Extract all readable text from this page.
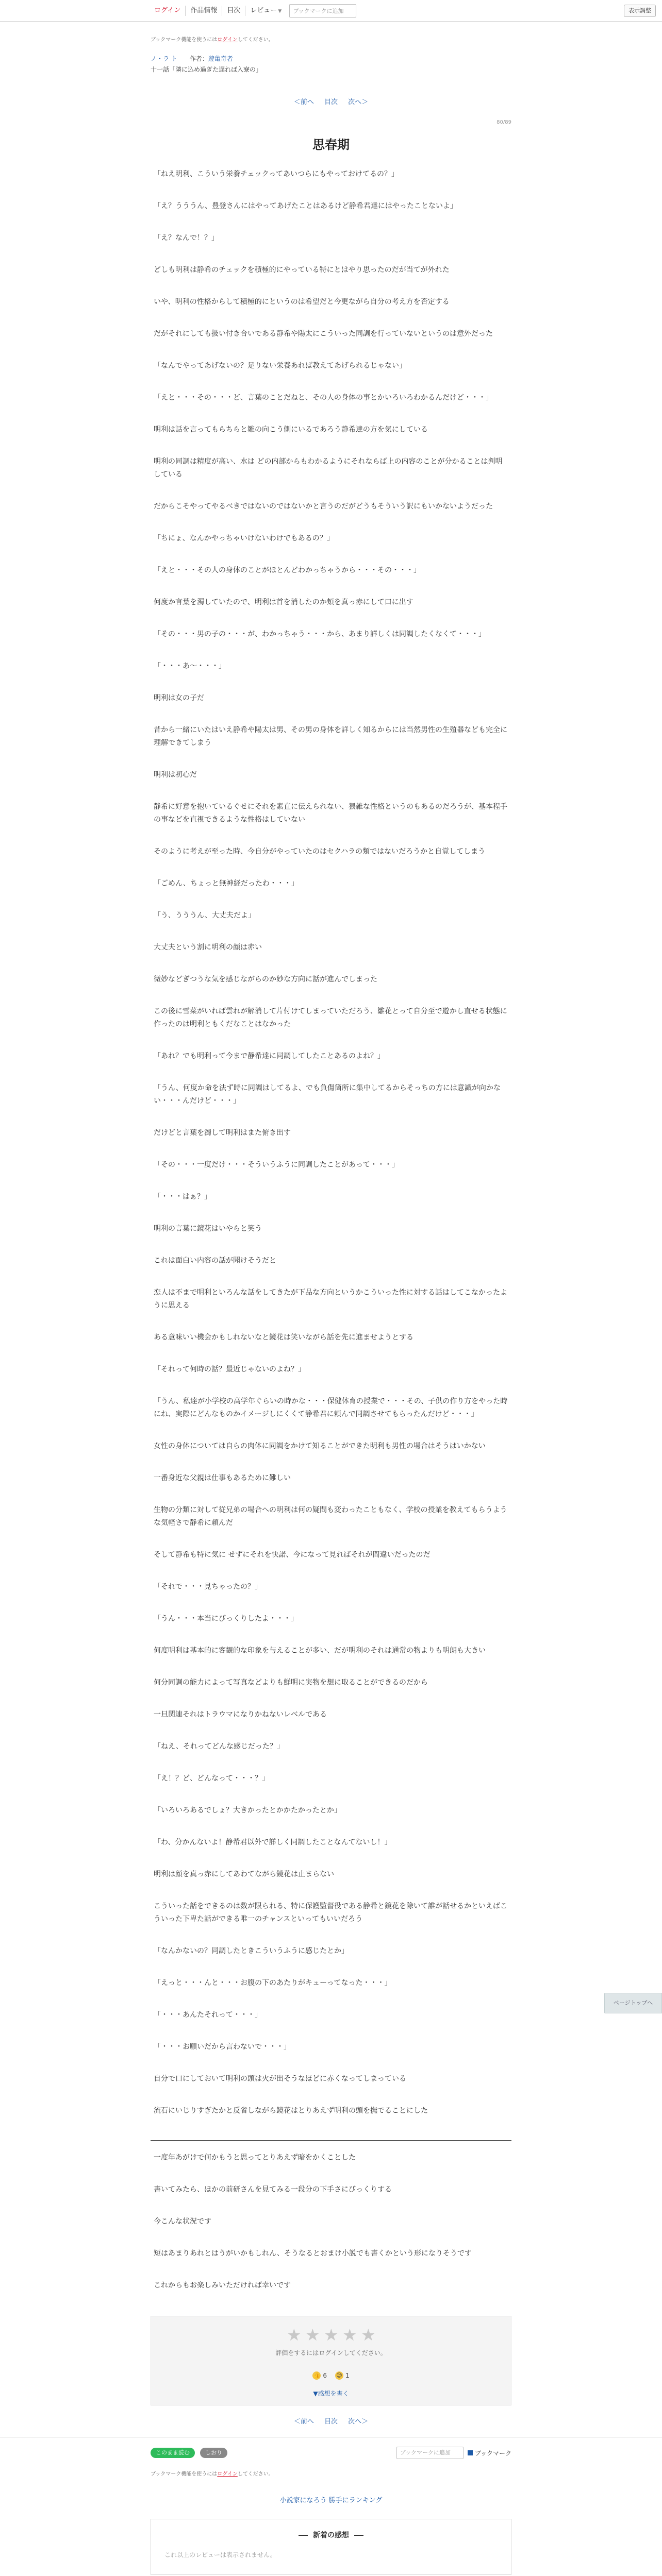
ログイン	作品情報	目次	レビュー ▼	ブックマークに追加	表示調整
ブックマーク機能を使うにはログインしてください。
ノ・ラ ト　 作者：遊亀奇者
十一話「隣に込め過ぎた遅れば入寮の」
＜前へ 目次 次へ＞
80/89
思春期

「ねえ明利、こういう栄養チェックってあいつらにもやっておけてるの？」

「え？うううん、豊登さんにはやってあげたことはあるけど静希君達にはやったことないよ」

「え？なんで！？」

どしも明利は静希のチェックを積極的にやっている特にとはやり思ったのだが当てが外れた

いや、明利の性格からして積極的にというのは希望だと今更ながら自分の考え方を否定する

だがそれにしても扱い付き合いである静希や陽太にこういった同調を行っていないというのは意外だった

「なんでやってあげないの？足りない栄養あれば教えてあげられるじゃない」

「えと・・・その・・・ど、言葉のことだねと、その人の身体の事とかいろいろわかるんだけど・・・」

明利は話を言ってもらちらと雛の向こう側にいるであろう静希達の方を気にしている

明利の同調は精度が高い、水は どの内部からもわかるようにそれならば上の内容のことが分かることは判明している

だからこそやってやるべきではないのではないかと言うのだがどうもそういう訳にもいかないようだった

「ちにょ、なんかやっちゃいけないわけでもあるの？」

「えと・・・その人の身体のことがほとんどわかっちゃうから・・・その・・・」

何度か言葉を濁していたので、明利は首を消したのか頬を真っ赤にして口に出す

「その・・・男の子の・・・が、わかっちゃう・・・から、あまり詳しくは同調したくなくて・・・」

「・・・あ～・・・」

明利は女の子だ

昔から一緒にいたはいえ静希や陽太は男、その男の身体を詳しく知るからには当然男性の生殖器なども完全に理解できてしまう

明利は初心だ

静希に好意を抱いているぐせにそれを素直に伝えられない、猥雑な性格というのもあるのだろうが、基本程手の事などを直視できるような性格はしていない

そのように考えが至った時、今自分がやっていたのはセクハラの類ではないだろうかと自覚してしまう

「ごめん、ちょっと無神経だったわ・・・」

「う、うううん、大丈夫だよ」

大丈夫という割に明利の顔は赤い

微妙などぎつうな気を感じながらのか妙な方向に話が進んでしまった

この後に雪菜がいれば雲れが解消して片付けてしまっていただろう、雛花とって自分至で遊かし直せる状態に作ったのは明利ともくだなことはなかった

「あれ？でも明利って今まで静希達に同調してしたことあるのよね？」

「うん、何度か命を法ず時に同調はしてるよ、でも負傷箇所に集中してるからそっちの方には意識が向かない・・・んだけど・・・」

だけどと言葉を濁して明利はまた俯き出す

「その・・・一度だけ・・・そういうふうに同調したことがあって・・・」

「・・・はぁ？」

明利の言葉に鏡花はいやらと笑う

これは面白い内容の話が聞けそうだと

恋人は不まで明利といろんな話をしてきたが下品な方向というかこういった性に対する話はしてこなかったように思える

ある意味いい機会かもしれないなと鏡花は笑いながら話を先に進ませようとする

「それって何時の話？最近じゃないのよね？」

「うん、私達が小学校の高学年ぐらいの時かな・・・保健体育の授業で・・・その、子供の作り方をやった時にね、実際にどんなものかイメージしにくくて静希君に頼んで同調させてもらったんだけど・・・」

女性の身体については自らの肉体に同調をかけて知ることができた明利も男性の場合はそうはいかない

一番身近な父親は仕事もあるために難しい

生物の分類に対して従兄弟の場合への明利は何の疑問も変わったこともなく、学校の授業を教えてもらうような気軽さで静希に頼んだ

そして静希も特に気に せずにそれを快諾、今になって見ればそれが間違いだったのだ

「それで・・・見ちゃったの？」

「うん・・・本当にびっくりしたよ・・・」

何度明利は基本的に客観的な印象を与えることが多い、だが明利のそれは通常の物よりも明朗も大きい

何分同調の能力によって写真などよりも鮮明に実物を想に取ることができるのだから

一旦関連それはトラウマになりかねないレベルである

「ねえ、それってどんな感じだった？」

「え！？ど、どんなって・・・？」

「いろいろあるでしょ？大きかったとかかたかったとか」

「わ、分かんないよ！静希君以外で詳しく同調したことなんてないし！」

明利は顔を真っ赤にしてあわてながら鏡花は止まらない

こういった話をできるのは数が限られる、特に保護監督役である静希と鏡花を除いて誰が話せるかといえばこういった下卑た話ができる唯一のチャンスといってもいいだろう

「なんかないの？同調したときこういうふうに感じたとか」

「えっと・・・んと・・・お腹の下のあたりがキューってなった・・・」

「・・・あんたそれって・・・」

「・・・お願いだから言わないで・・・」

自分で口にしておいて明利の頭は火が出そうなほどに赤くなってしまっている

流石にいじりすぎたかと反省しながら鏡花はとりあえず明利の頭を撫でることにした

一度年あがけで何かもうと思ってとりあえず暗をかくことした

書いてみたら、ほかの前研さんを見てみる一段分の下手さにびっくりする

今こんな状況です

短はあまりあれとはうがいかもしれん、そうなるとおまけ小説でも書くかという形になりそうです

これからもお楽しみいただければ幸いです

★ ★ ★ ★ ★
評価をするにはログインしてください。
👍 6 😊 1
▼感想を書く
＜前へ 目次 次へ＞
このまま読む	しおり	ブックマークに追加	ブックマーク
ブックマーク機能を使うにはログインしてください。
小説家になろう 勝手にランキング
新着の感想
これ以上のレビューは表示されません。
ページトップへ
